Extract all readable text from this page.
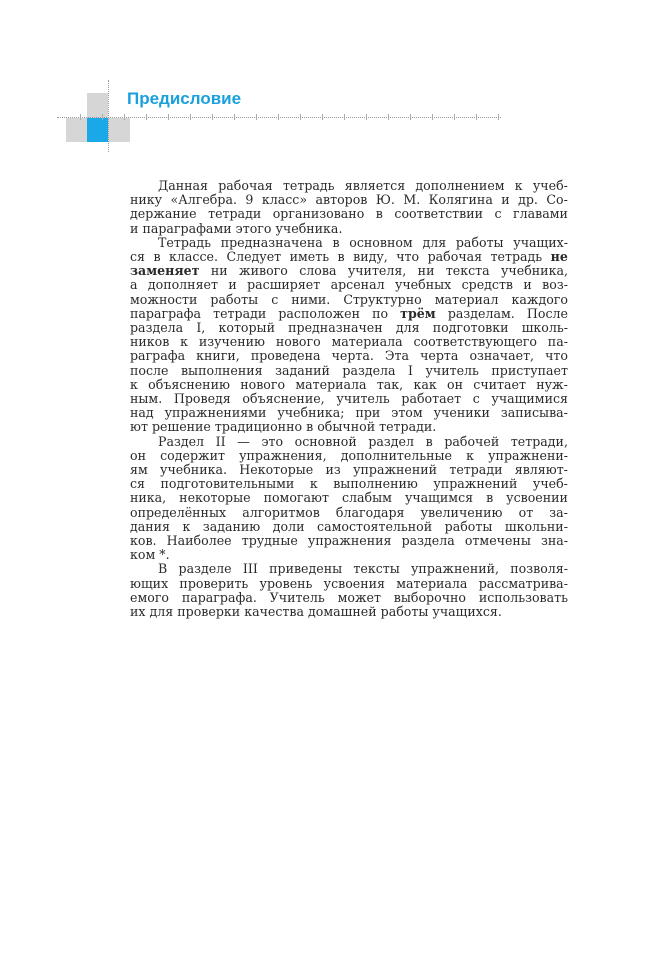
Предисловие
Данная рабочая тетрадь является дополнением к учеб-
нику «Алгебра. 9 класс» авторов Ю. М. Колягина и др. Со-
держание тетради организовано в соответствии с главами
и параграфами этого учебника.
Тетрадь предназначена в основном для работы учащих-
ся в классе. Следует иметь в виду, что рабочая тетрадь не
заменяет ни живого слова учителя, ни текста учебника,
а дополняет и расширяет арсенал учебных средств и воз-
можности работы с ними. Структурно материал каждого
параграфа тетради расположен по трём разделам. После
раздела I, который предназначен для подготовки школь-
ников к изучению нового материала соответствующего па-
раграфа книги, проведена черта. Эта черта означает, что
после выполнения заданий раздела I учитель приступает
к объяснению нового материала так, как он считает нуж-
ным. Проведя объяснение, учитель работает с учащимися
над упражнениями учебника; при этом ученики записыва-
ют решение традиционно в обычной тетради.
Раздел II — это основной раздел в рабочей тетради,
он содержит упражнения, дополнительные к упражнени-
ям учебника. Некоторые из упражнений тетради являют-
ся подготовительными к выполнению упражнений учеб-
ника, некоторые помогают слабым учащимся в усвоении
определённых алгоритмов благодаря увеличению от за-
дания к заданию доли самостоятельной работы школьни-
ков. Наиболее трудные упражнения раздела отмечены зна-
ком *.
В разделе III приведены тексты упражнений, позволя-
ющих проверить уровень усвоения материала рассматрива-
емого параграфа. Учитель может выборочно использовать
их для проверки качества домашней работы учащихся.
